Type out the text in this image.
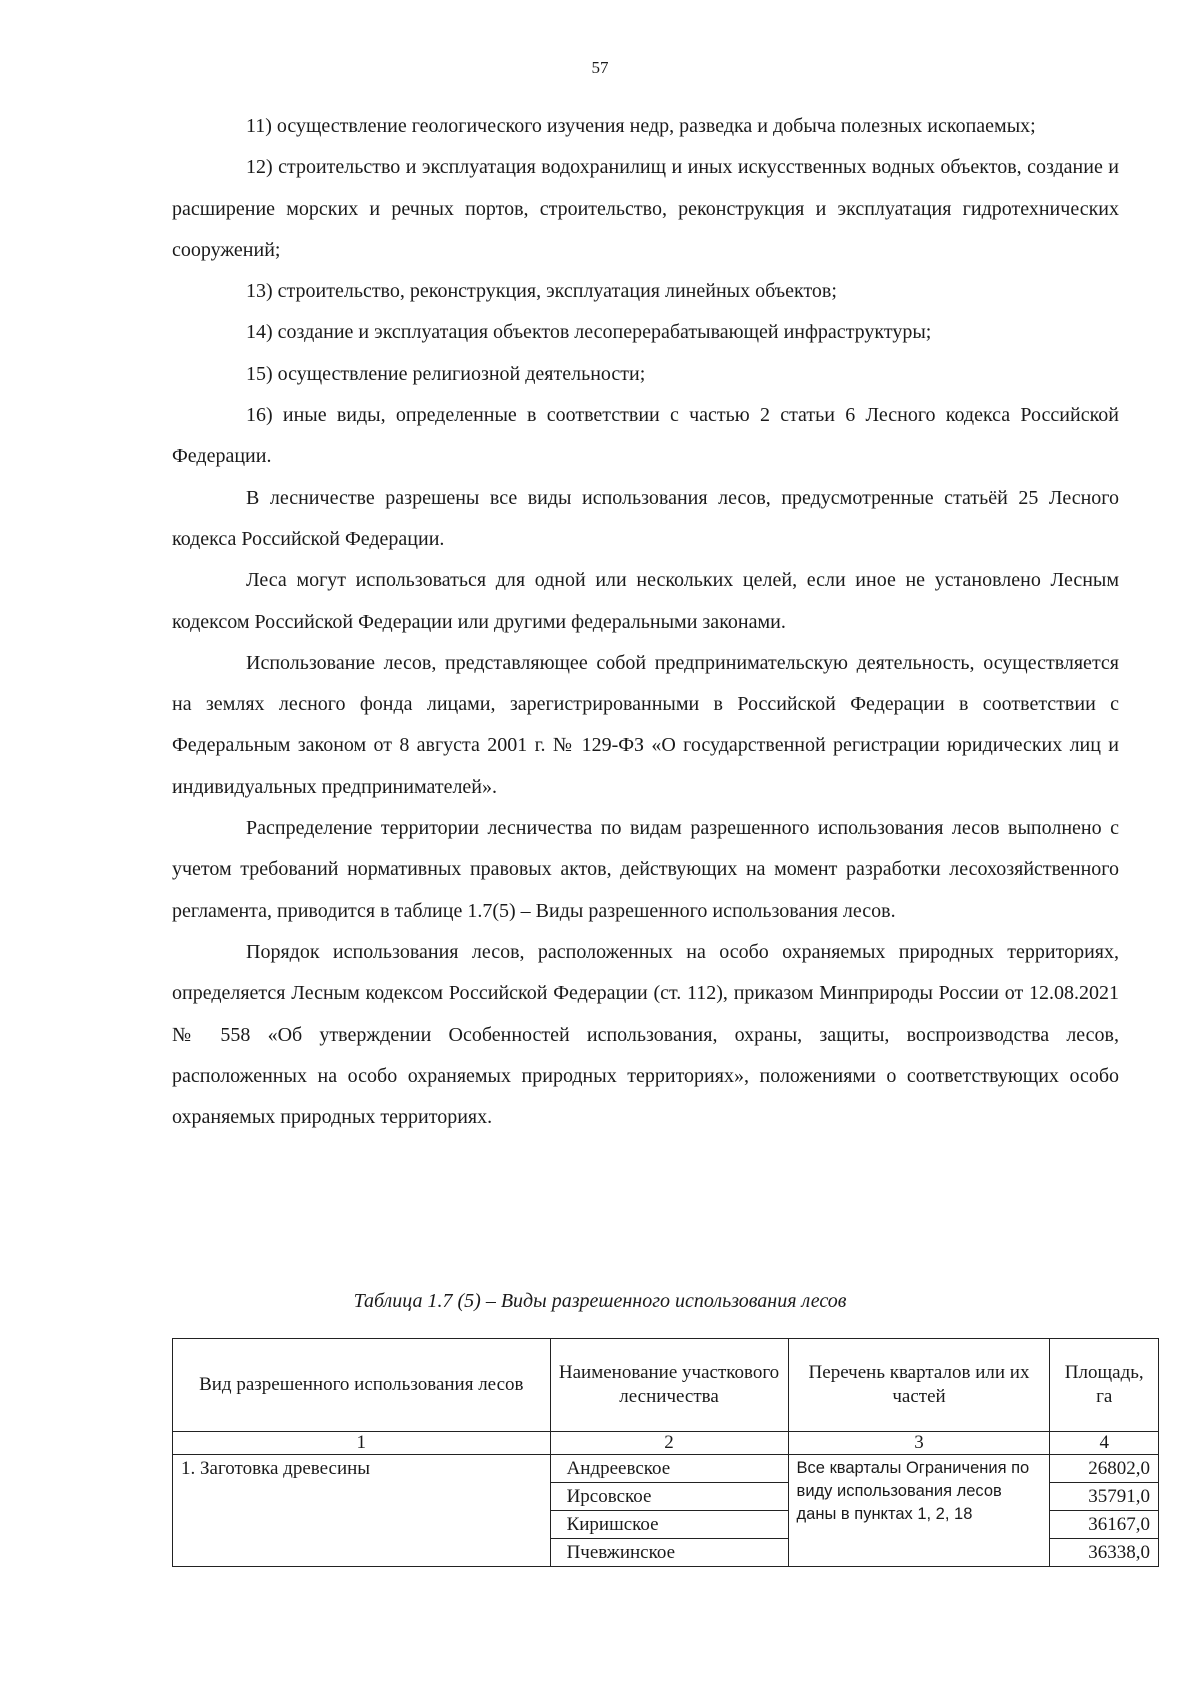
57

11) осуществление геологического изучения недр, разведка и добыча полезных ископаемых;

12) строительство и эксплуатация водохранилищ и иных искусственных водных объектов, создание и расширение морских и речных портов, строительство, реконструкция и эксплуатация гидротехнических сооружений;

13) строительство, реконструкция, эксплуатация линейных объектов;

14) создание и эксплуатация объектов лесоперерабатывающей инфраструктуры;

15) осуществление религиозной деятельности;

16) иные виды, определенные в соответствии с частью 2 статьи 6 Лесного кодекса Российской Федерации.

В лесничестве разрешены все виды использования лесов, предусмотренные статьёй 25 Лесного кодекса Российской Федерации.

Леса могут использоваться для одной или нескольких целей, если иное не установлено Лесным кодексом Российской Федерации или другими федеральными законами.

Использование лесов, представляющее собой предпринимательскую деятельность, осуществляется на землях лесного фонда лицами, зарегистрированными в Российской Федерации в соответствии с Федеральным законом от 8 августа 2001 г. № 129-ФЗ «О государственной регистрации юридических лиц и индивидуальных предпринимателей».

Распределение территории лесничества по видам разрешенного использования лесов выполнено с учетом требований нормативных правовых актов, действующих на момент разработки лесохозяйственного регламента, приводится в таблице 1.7(5) – Виды разрешенного использования лесов.

Порядок использования лесов, расположенных на особо охраняемых природных территориях, определяется Лесным кодексом Российской Федерации (ст. 112), приказом Минприроды России от 12.08.2021 № 558 «Об утверждении Особенностей использования, охраны, защиты, воспроизводства лесов, расположенных на особо охраняемых природных территориях», положениями о соответствующих особо охраняемых природных территориях.

Таблица 1.7 (5) – Виды разрешенного использования лесов
Вид разрешенного использования лесов	Наименование участкового лесничества	Перечень кварталов или их частей	Площадь, га
1	2	3	4
1. Заготовка древесины	Андреевское	Все кварталы Ограничения по виду использования лесов даны в пунктах 1, 2, 18	26802,0
	Ирсовское		35791,0
	Киришское		36167,0
	Пчевжинское		36338,0
